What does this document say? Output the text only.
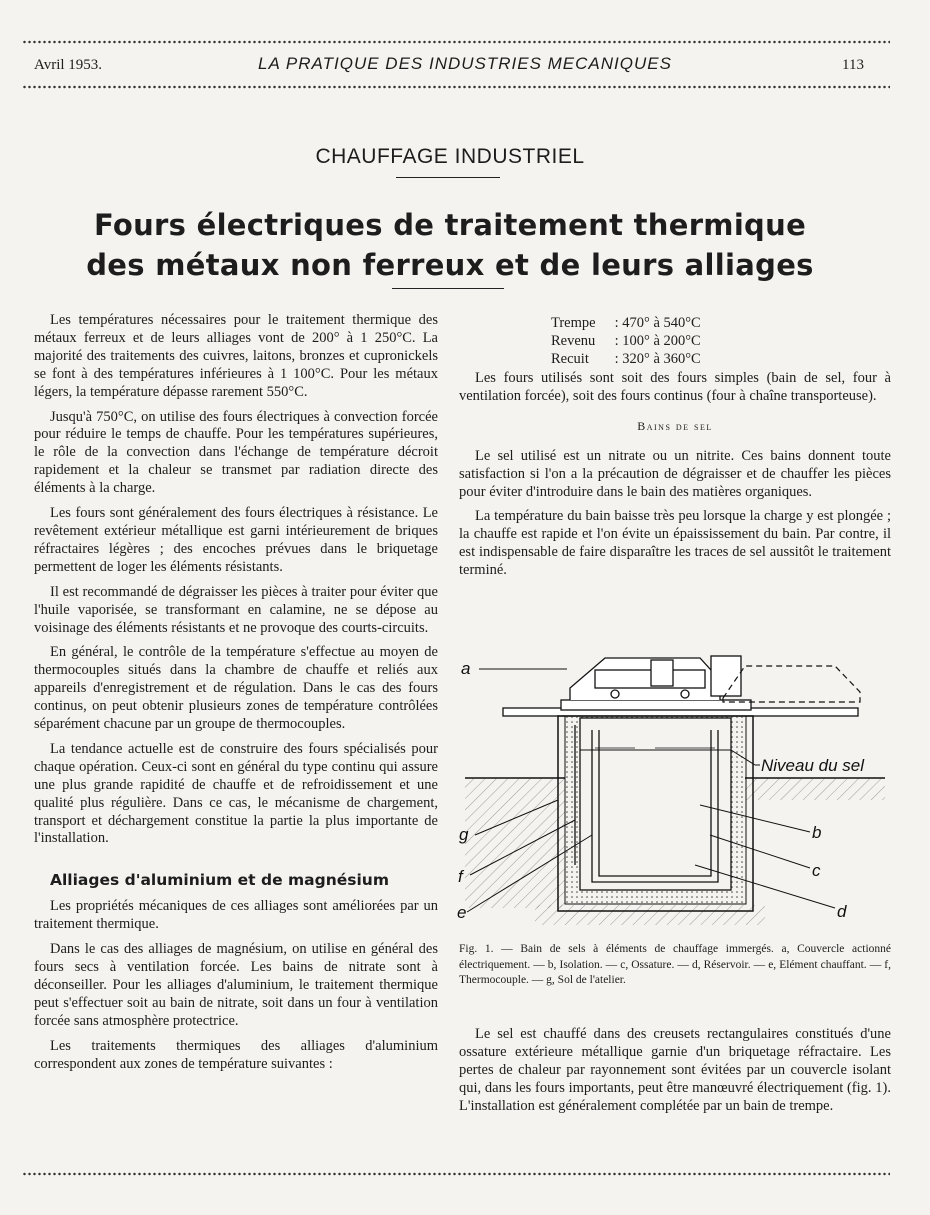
Avril 1953.	LA PRATIQUE DES INDUSTRIES MECANIQUES	113
CHAUFFAGE INDUSTRIEL
Fours électriques de traitement thermique
des métaux non ferreux et de leurs alliages

Les températures nécessaires pour le traitement thermique des métaux ferreux et de leurs alliages vont de 200° à 1 250°C. La majorité des traitements des cuivres, laitons, bronzes et cupronickels se font à des températures inférieures à 1 100°C. Pour les métaux légers, la température dépasse rarement 550°C.

Jusqu'à 750°C, on utilise des fours électriques à convection forcée pour réduire le temps de chauffe. Pour les températures supérieures, le rôle de la convection dans l'échange de température décroit rapidement et la chaleur se transmet par radiation directe des éléments à la charge.

Les fours sont généralement des fours électriques à résistance. Le revêtement extérieur métallique est garni intérieurement de briques réfractaires légères ; des encoches prévues dans le briquetage permettent de loger les éléments résistants.

Il est recommandé de dégraisser les pièces à traiter pour éviter que l'huile vaporisée, se transformant en calamine, ne se dépose au voisinage des éléments résistants et ne provoque des courts-circuits.

En général, le contrôle de la température s'effectue au moyen de thermocouples situés dans la chambre de chauffe et reliés aux appareils d'enregistrement et de régulation. Dans le cas des fours continus, on peut obtenir plusieurs zones de température contrôlées séparément chacune par un groupe de thermocouples.

La tendance actuelle est de construire des fours spécialisés pour chaque opération. Ceux-ci sont en général du type continu qui assure une plus grande rapidité de chauffe et de refroidissement et une qualité plus régulière. Dans ce cas, le mécanisme de chargement, transport et déchargement constitue la partie la plus importante de l'installation.

Alliages d'aluminium et de magnésium

Les propriétés mécaniques de ces alliages sont améliorées par un traitement thermique.

Dans le cas des alliages de magnésium, on utilise en général des fours secs à ventilation forcée. Les bains de nitrate sont à déconseiller. Pour les alliages d'aluminium, le traitement thermique peut s'effectuer soit au bain de nitrate, soit dans un four à ventilation forcée sans atmosphère protectrice.

Les traitements thermiques des alliages d'aluminium correspondent aux zones de température suivantes :

Trempe : 470° à 540°C
Revenu : 100° à 200°C
Recuit : 320° à 360°C

Les fours utilisés sont soit des fours simples (bain de sel, four à ventilation forcée), soit des fours continus (four à chaîne transporteuse).

Bains de sel

Le sel utilisé est un nitrate ou un nitrite. Ces bains donnent toute satisfaction si l'on a la précaution de dégraisser et de chauffer les pièces pour éviter d'introduire dans le bain des matières organiques.

La température du bain baisse très peu lorsque la charge y est plongée ; la chauffe est rapide et l'on évite un épaississement du bain. Par contre, il est indispensable de faire disparaître les traces de sel aussitôt le traitement terminé.

a
Niveau du sel
b
c
d
g
f
e
Fig. 1. — Bain de sels à éléments de chauffage immergés. a, Couvercle actionné électriquement. — b, Isolation. — c, Ossature. — d, Réservoir. — e, Elément chauffant. — f, Thermocouple. — g, Sol de l'atelier.

Le sel est chauffé dans des creusets rectangulaires constitués d'une ossature extérieure métallique garnie d'un briquetage réfractaire. Les pertes de chaleur par rayonnement sont évitées par un couvercle isolant qui, dans les fours importants, peut être manœuvré électriquement (fig. 1). L'installation est généralement complétée par un bain de trempe.
